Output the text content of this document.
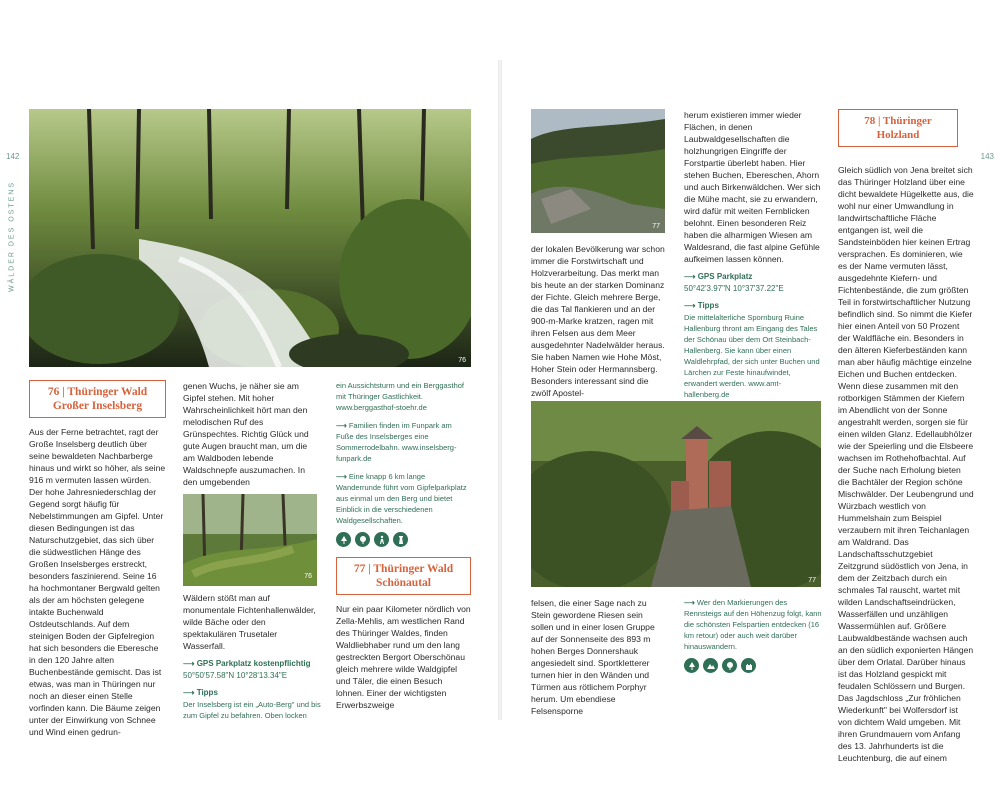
142
WÄLDER DES OSTENS
76
76 | Thüringer Wald
Großer Inselsberg

Aus der Ferne betrachtet, ragt der Große Inselsberg deutlich über seine bewaldeten Nachbarberge hinaus und wirkt so höher, als seine 916 m vermuten lassen würden. Der hohe Jahresniederschlag der Gegend sorgt häufig für Nebelstimmungen am Gipfel. Unter diesen Bedingungen ist das Naturschutzgebiet, das sich über die südwestlichen Hänge des Großen Inselsberges erstreckt, besonders faszinierend. Seine 16 ha hochmontaner Bergwald gelten als der am höchsten gelegene intakte Buchenwald Ostdeutschlands. Auf dem steinigen Boden der Gipfelregion hat sich besonders die Eberesche in den 120 Jahre alten Buchenbestände gemischt. Das ist etwas, was man in Thüringen nur noch an dieser einen Stelle vorfinden kann. Die Bäume zeigen unter der Einwirkung von Schnee und Wind einen gedrun-

genen Wuchs, je näher sie am Gipfel stehen. Mit hoher Wahrscheinlichkeit hört man den melodischen Ruf des Grünspechtes. Richtig Glück und gute Augen braucht man, um die am Waldboden lebende Waldschnepfe auszumachen. In den umgebenden

76

Wäldern stößt man auf monumentale Fichtenhallenwälder, wilde Bäche oder den spektakulären Trusetaler Wasserfall.

⟶ GPS Parkplatz kostenpflichtig
50°50'57.58"N 10°28'13.34"E
⟶ Tipps
Der Inselsberg ist ein „Auto-Berg" und bis zum Gipfel zu befahren. Oben locken
ein Aussichtsturm und ein Berggasthof mit Thüringer Gastlichkeit. www.berggasthof-stoehr.de
⟶ Familien finden im Funpark am Fuße des Inselsberges eine Sommerrodelbahn. www.inselsberg-funpark.de
⟶ Eine knapp 6 km lange Wanderrunde führt vom Gipfelparkplatz aus einmal um den Berg und bietet Einblick in die verschiedenen Waldgesellschaften.
77 | Thüringer Wald
Schönautal

Nur ein paar Kilometer nördlich von Zella-Mehlis, am westlichen Rand des Thüringer Waldes, finden Waldliebhaber rund um den lang gestreckten Bergort Oberschönau gleich mehrere wilde Waldgipfel und Täler, die einen Besuch lohnen. Einer der wichtigsten Erwerbszweige

143
77

der lokalen Bevölkerung war schon immer die Forstwirtschaft und Holzverarbeitung. Das merkt man bis heute an der starken Dominanz der Fichte. Gleich mehrere Berge, die das Tal flankieren und an der 900-m-Marke kratzen, ragen mit ihren Felsen aus dem Meer ausgedehnter Nadelwälder heraus. Sie haben Namen wie Hohe Möst, Hoher Stein oder Hermannsberg. Besonders interessant sind die zwölf Apostel-

herum existieren immer wieder Flächen, in denen Laubwaldgesellschaften die holzhungrigen Eingriffe der Forstpartie überlebt haben. Hier stehen Buchen, Ebereschen, Ahorn und auch Birkenwäldchen. Wer sich die Mühe macht, sie zu erwandern, wird dafür mit weiten Fernblicken belohnt. Einen besonderen Reiz haben die alharmigen Wiesen am Waldesrand, die fast alpine Gefühle aufkeimen lassen können.

⟶ GPS Parkplatz
50°42'3.97"N 10°37'37.22"E
⟶ Tipps
Die mittelalterliche Spornburg Ruine Hallenburg thront am Eingang des Tales der Schönau über dem Ort Steinbach-Hallenberg. Sie kann über einen Waldlehrpfad, der sich unter Buchen und Lärchen zur Feste hinaufwindet, erwandert werden. www.amt-hallenberg.de
77

felsen, die einer Sage nach zu Stein gewordene Riesen sein sollen und in einer losen Gruppe auf der Sonnenseite des 893 m hohen Berges Donnershauk angesiedelt sind. Sportkletterer turnen hier in den Wänden und Türmen aus rötlichem Porphyr herum. Um ebendiese Felsensporne

⟶ Wer den Markierungen des Rennsteigs auf den Höhenzug folgt, kann die schönsten Felspartien entdecken (16 km retour) oder auch weit darüber hinauswandern.
78 | Thüringer Holzland

Gleich südlich von Jena breitet sich das Thüringer Holzland über eine dicht bewaldete Hügelkette aus, die wohl nur einer Umwandlung in landwirtschaftliche Fläche entgangen ist, weil die Sandsteinböden hier keinen Ertrag versprachen. Es dominieren, wie es der Name vermuten lässt, ausgedehnte Kiefern- und Fichtenbestände, die zum größten Teil in forstwirtschaftlicher Nutzung befindlich sind. So nimmt die Kiefer hier einen Anteil von 50 Prozent der Waldfläche ein. Besonders in den älteren Kieferbeständen kann man aber häufig mächtige einzelne Eichen und Buchen entdecken. Wenn diese zusammen mit den rotborkigen Stämmen der Kiefern im Abendlicht von der Sonne angestrahlt werden, sorgen sie für einen wilden Glanz. Edellaubhölzer wie der Speierling und die Elsbeere wachsen im Rothehofbachtal. Auf der Suche nach Erholung bieten die Bachtäler der Region schöne Mischwälder. Der Leubengrund und Würzbach westlich von Hummelshain zum Beispiel verzaubern mit ihren Teichanlagen am Waldrand. Das Landschaftsschutzgebiet Zeitzgrund südöstlich von Jena, in dem der Zeitzbach durch ein schmales Tal rauscht, wartet mit wilden Landschaftseindrücken, Wasserfällen und unzähligen Wassermühlen auf. Größere Laubwaldbestände wachsen auch an den südlich exponierten Hängen über dem Orlatal. Darüber hinaus ist das Holzland gespickt mit feudalen Schlössern und Burgen. Das Jagdschloss „Zur fröhlichen Wiederkunft" bei Wolfersdorf ist von dichtem Wald umgeben. Mit ihren Grundmauern vom Anfang des 13. Jahrhunderts ist die Leuchtenburg, die auf einem
